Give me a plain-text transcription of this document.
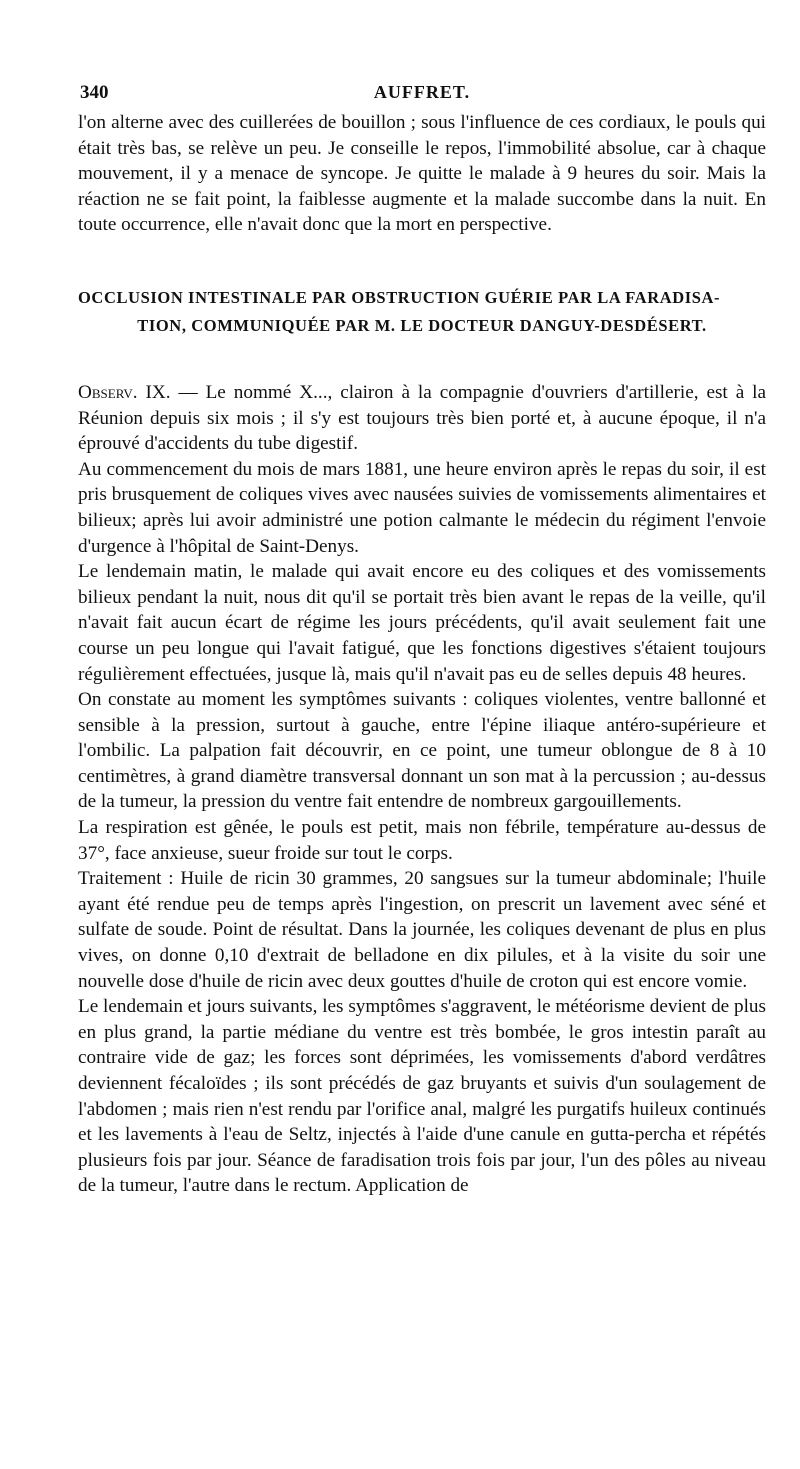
340	AUFFRET.

l'on alterne avec des cuillerées de bouillon ; sous l'influence de ces cordiaux, le pouls qui était très bas, se relève un peu. Je conseille le repos, l'immobilité absolue, car à chaque mouvement, il y a menace de syncope. Je quitte le malade à 9 heures du soir. Mais la réaction ne se fait point, la faiblesse augmente et la malade succombe dans la nuit. En toute occurrence, elle n'avait donc que la mort en perspective.

OCCLUSION INTESTINALE PAR OBSTRUCTION GUÉRIE PAR LA FARADISA-
TION, COMMUNIQUÉE PAR M. LE DOCTEUR DANGUY-DESDÉSERT.

Observ. IX. — Le nommé X..., clairon à la compagnie d'ouvriers d'artillerie, est à la Réunion depuis six mois ; il s'y est toujours très bien porté et, à aucune époque, il n'a éprouvé d'accidents du tube digestif.

Au commencement du mois de mars 1881, une heure environ après le repas du soir, il est pris brusquement de coliques vives avec nausées suivies de vomissements alimentaires et bilieux; après lui avoir administré une potion calmante le médecin du régiment l'envoie d'urgence à l'hôpital de Saint-Denys.

Le lendemain matin, le malade qui avait encore eu des coliques et des vomissements bilieux pendant la nuit, nous dit qu'il se portait très bien avant le repas de la veille, qu'il n'avait fait aucun écart de régime les jours précédents, qu'il avait seulement fait une course un peu longue qui l'avait fatigué, que les fonctions digestives s'étaient toujours régulièrement effectuées, jusque là, mais qu'il n'avait pas eu de selles depuis 48 heures.

On constate au moment les symptômes suivants : coliques violentes, ventre ballonné et sensible à la pression, surtout à gauche, entre l'épine iliaque antéro-supérieure et l'ombilic. La palpation fait découvrir, en ce point, une tumeur oblongue de 8 à 10 centimètres, à grand diamètre transversal donnant un son mat à la percussion ; au-dessus de la tumeur, la pression du ventre fait entendre de nombreux gargouillements.

La respiration est gênée, le pouls est petit, mais non fébrile, température au-dessus de 37°, face anxieuse, sueur froide sur tout le corps.

Traitement : Huile de ricin 30 grammes, 20 sangsues sur la tumeur abdominale; l'huile ayant été rendue peu de temps après l'ingestion, on prescrit un lavement avec séné et sulfate de soude. Point de résultat. Dans la journée, les coliques devenant de plus en plus vives, on donne 0,10 d'extrait de belladone en dix pilules, et à la visite du soir une nouvelle dose d'huile de ricin avec deux gouttes d'huile de croton qui est encore vomie.

Le lendemain et jours suivants, les symptômes s'aggravent, le météorisme devient de plus en plus grand, la partie médiane du ventre est très bombée, le gros intestin paraît au contraire vide de gaz; les forces sont déprimées, les vomissements d'abord verdâtres deviennent fécaloïdes ; ils sont précédés de gaz bruyants et suivis d'un soulagement de l'abdomen ; mais rien n'est rendu par l'orifice anal, malgré les purgatifs huileux continués et les lavements à l'eau de Seltz, injectés à l'aide d'une canule en gutta-percha et répétés plusieurs fois par jour. Séance de faradisation trois fois par jour, l'un des pôles au niveau de la tumeur, l'autre dans le rectum. Application de
